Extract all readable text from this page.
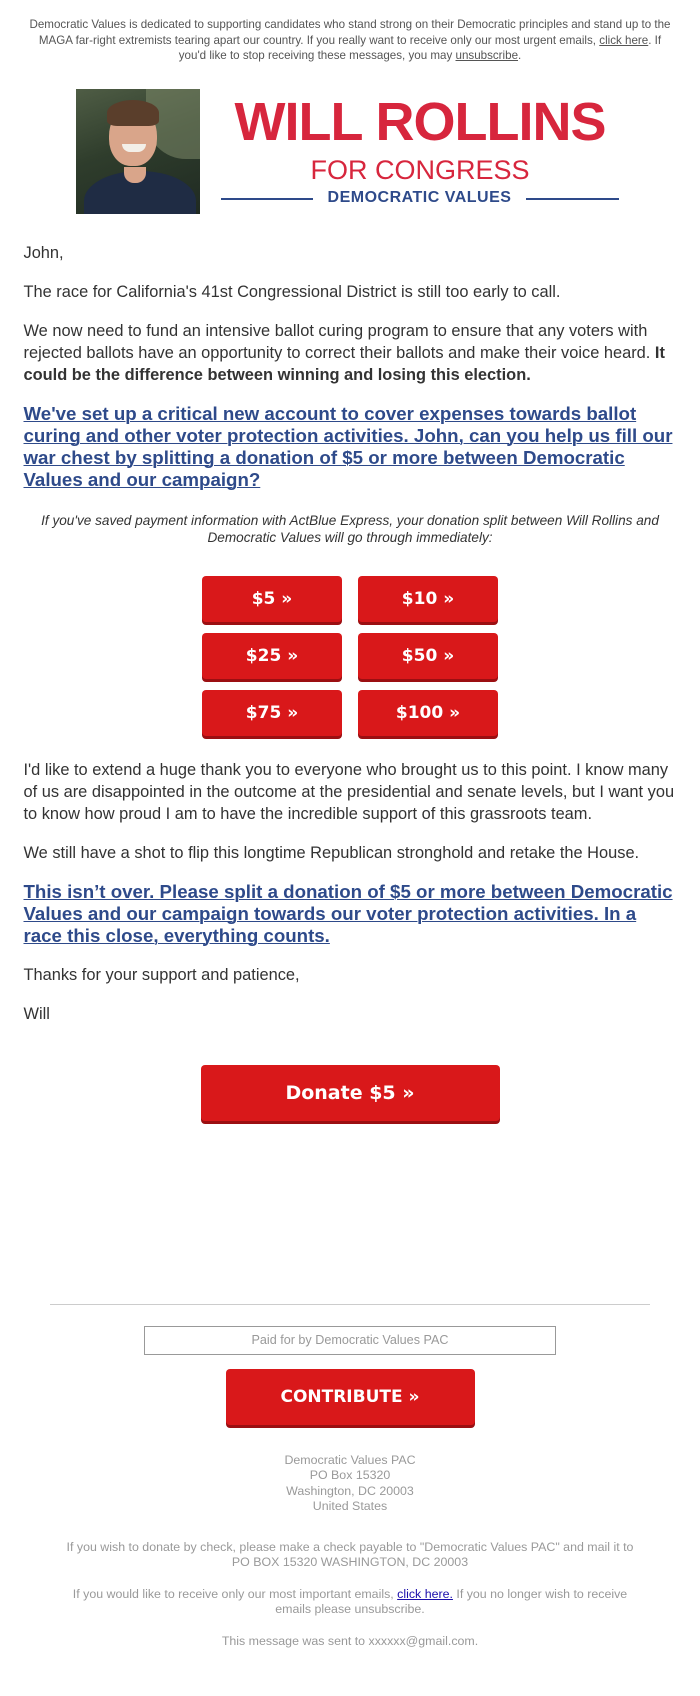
Democratic Values is dedicated to supporting candidates who stand strong on their Democratic principles and stand up to the MAGA far-right extremists tearing apart our country. If you really want to receive only our most urgent emails, click here. If you'd like to stop receiving these messages, you may unsubscribe.
WILL ROLLINS
FOR CONGRESS
DEMOCRATIC VALUES

John,

The race for California's 41st Congressional District is still too early to call.

We now need to fund an intensive ballot curing program to ensure that any voters with rejected ballots have an opportunity to correct their ballots and make their voice heard. It could be the difference between winning and losing this election.

We've set up a critical new account to cover expenses towards ballot curing and other voter protection activities. John, can you help us fill our war chest by splitting a donation of $5 or more between Democratic Values and our campaign?

If you've saved payment information with ActBlue Express, your donation split between Will Rollins and Democratic Values will go through immediately:
$5 »	$10 »
$25 »	$50 »
$75 »	$100 »

I'd like to extend a huge thank you to everyone who brought us to this point. I know many of us are disappointed in the outcome at the presidential and senate levels, but I want you to know how proud I am to have the incredible support of this grassroots team.

We still have a shot to flip this longtime Republican stronghold and retake the House.

This isn’t over. Please split a donation of $5 or more between Democratic Values and our campaign towards our voter protection activities. In a race this close, everything counts.

Thanks for your support and patience,

Will

Donate $5 »
Paid for by Democratic Values PAC
CONTRIBUTE »
Democratic Values PAC
PO Box 15320
Washington, DC 20003
United States
If you wish to donate by check, please make a check payable to "Democratic Values PAC" and mail it to PO BOX 15320 WASHINGTON, DC 20003
If you would like to receive only our most important emails, click here. If you no longer wish to receive emails please unsubscribe.
This message was sent to xxxxxx@gmail.com.
